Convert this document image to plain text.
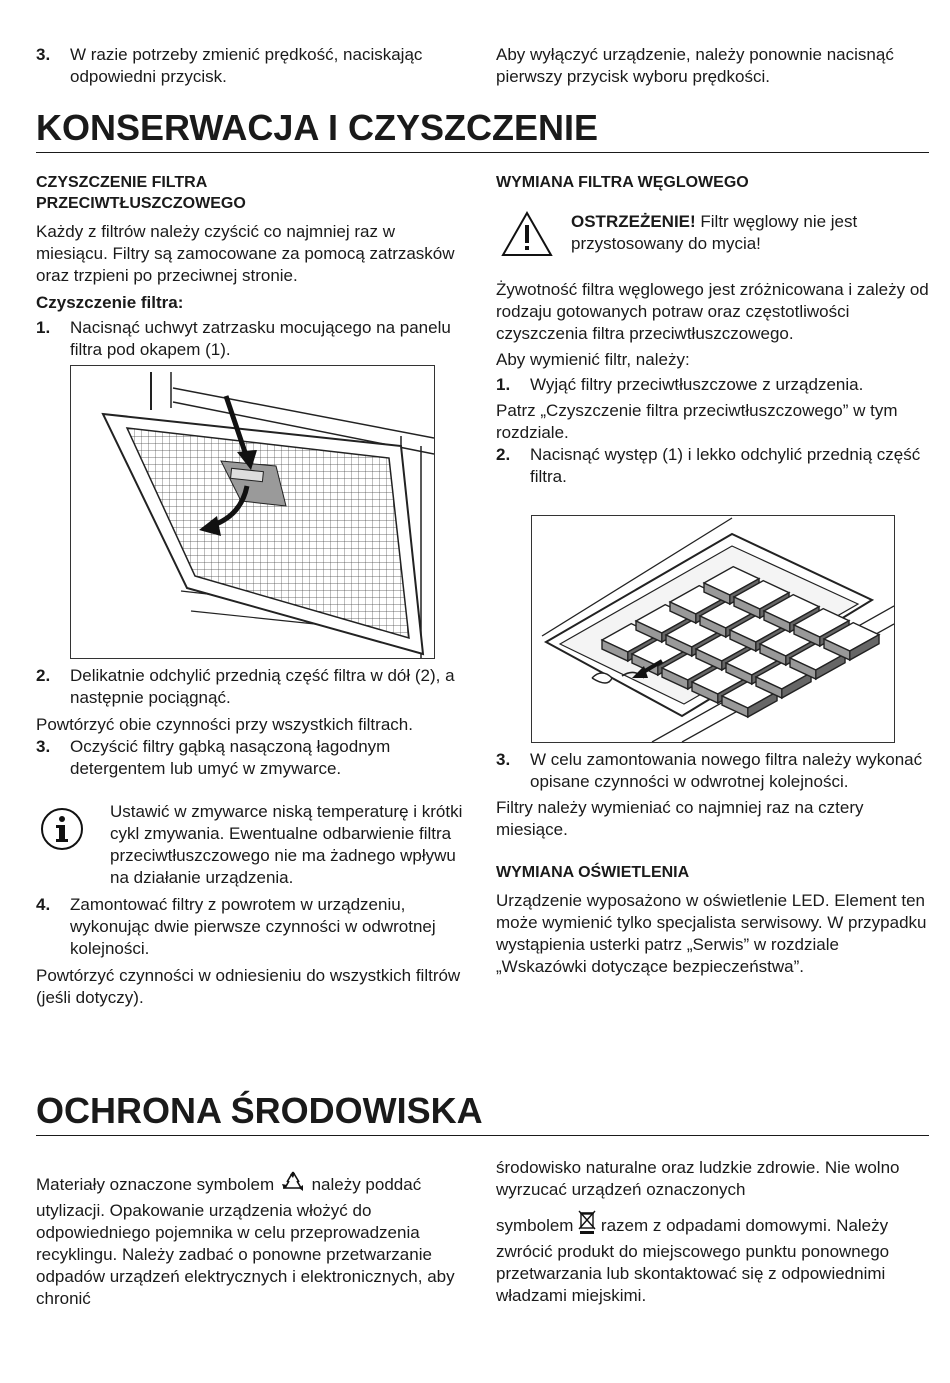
3. W razie potrzeby zmienić prędkość, naciskając odpowiedni przycisk.

Aby wyłączyć urządzenie, należy ponownie nacisnąć pierwszy przycisk wyboru prędkości.

KONSERWACJA I CZYSZCZENIE

CZYSZCZENIE FILTRA

PRZECIWTŁUSZCZOWEGO

Każdy z filtrów należy czyścić co najmniej raz w miesiącu. Filtry są zamocowane za pomocą zatrzasków oraz trzpieni po przeciwnej stronie.

Czyszczenie filtra:

1. Nacisnąć uchwyt zatrzasku mocującego na panelu filtra pod okapem (1).

2. Delikatnie odchylić przednią część filtra w dół (2), a następnie pociągnąć.

Powtórzyć obie czynności przy wszystkich filtrach.

3. Oczyścić filtry gąbką nasączoną łagodnym detergentem lub umyć w zmywarce.

Ustawić w zmywarce niską temperaturę i krótki cykl zmywania. Ewentualne odbarwienie filtra przeciwtłuszczowego nie ma żadnego wpływu na działanie urządzenia.

4. Zamontować filtry z powrotem w urządzeniu, wykonując dwie pierwsze czynności w odwrotnej kolejności.

Powtórzyć czynności w odniesieniu do wszystkich filtrów (jeśli dotyczy).

WYMIANA FILTRA WĘGLOWEGO

OSTRZEŻENIE! Filtr węglowy nie jest przystosowany do mycia!

Żywotność filtra węglowego jest zróżnicowana i zależy od rodzaju gotowanych potraw oraz częstotliwości czyszczenia filtra przeciwtłuszczowego.

Aby wymienić filtr, należy:

1. Wyjąć filtry przeciwtłuszczowe z urządzenia.

Patrz „Czyszczenie filtra przeciwtłuszczowego” w tym rozdziale.

2. Nacisnąć występ (1) i lekko odchylić przednią część filtra.

3. W celu zamontowania nowego filtra należy wykonać opisane czynności w odwrotnej kolejności.

Filtry należy wymieniać co najmniej raz na cztery miesiące.

WYMIANA OŚWIETLENIA

Urządzenie wyposażono w oświetlenie LED. Element ten może wymienić tylko specjalista serwisowy. W przypadku wystąpienia usterki patrz „Serwis” w rozdziale „Wskazówki dotyczące bezpieczeństwa”.

OCHRONA ŚRODOWISKA

Materiały oznaczone symbolem  należy poddać utylizacji. Opakowanie urządzenia włożyć do odpowiedniego pojemnika w celu przeprowadzenia recyklingu. Należy zadbać o ponowne przetwarzanie odpadów urządzeń elektrycznych i elektronicznych, aby chronić

środowisko naturalne oraz ludzkie zdrowie. Nie wolno wyrzucać urządzeń oznaczonych

symbolem  razem z odpadami domowymi. Należy zwrócić produkt do miejscowego punktu ponownego przetwarzania lub skontaktować się z odpowiednimi władzami miejskimi.
